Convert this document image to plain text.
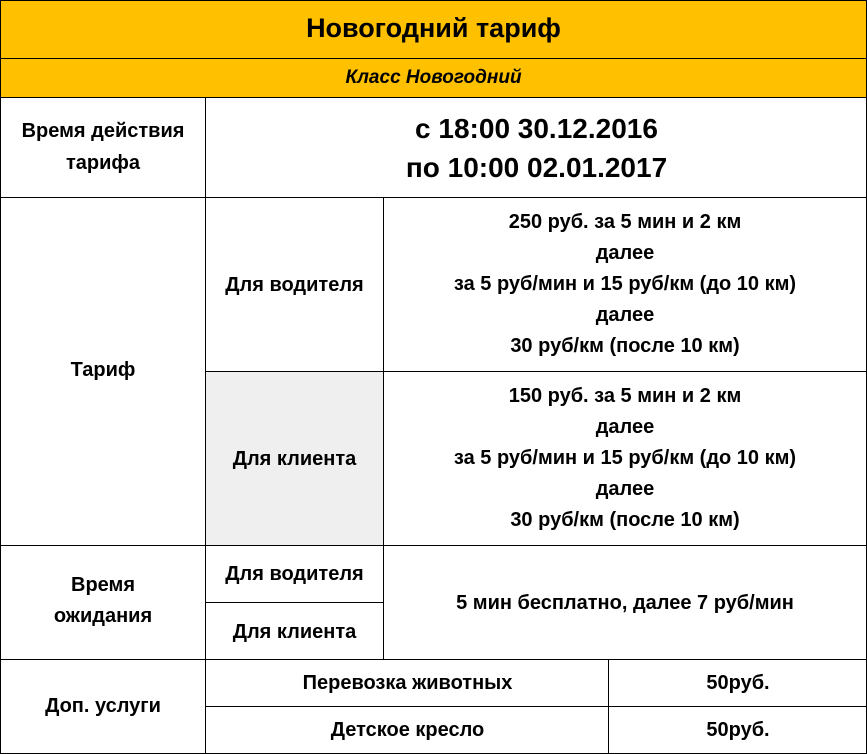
Новогодний тариф
Класс Новогодний
Время действия
тарифа
с 18:00 30.12.2016
по 10:00 02.01.2017
Тариф
Для водителя
250 руб. за 5 мин и 2 км
далее
за 5 руб/мин и 15 руб/км (до 10 км)
далее
30 руб/км (после 10 км)
Для клиента
150 руб. за 5 мин и 2 км
далее
за 5 руб/мин и 15 руб/км (до 10 км)
далее
30 руб/км (после 10 км)
Время
ожидания
Для водителя
Для клиента
5 мин бесплатно, далее 7 руб/мин
Доп. услуги
Перевозка животных	50руб.
Детское кресло	50руб.
